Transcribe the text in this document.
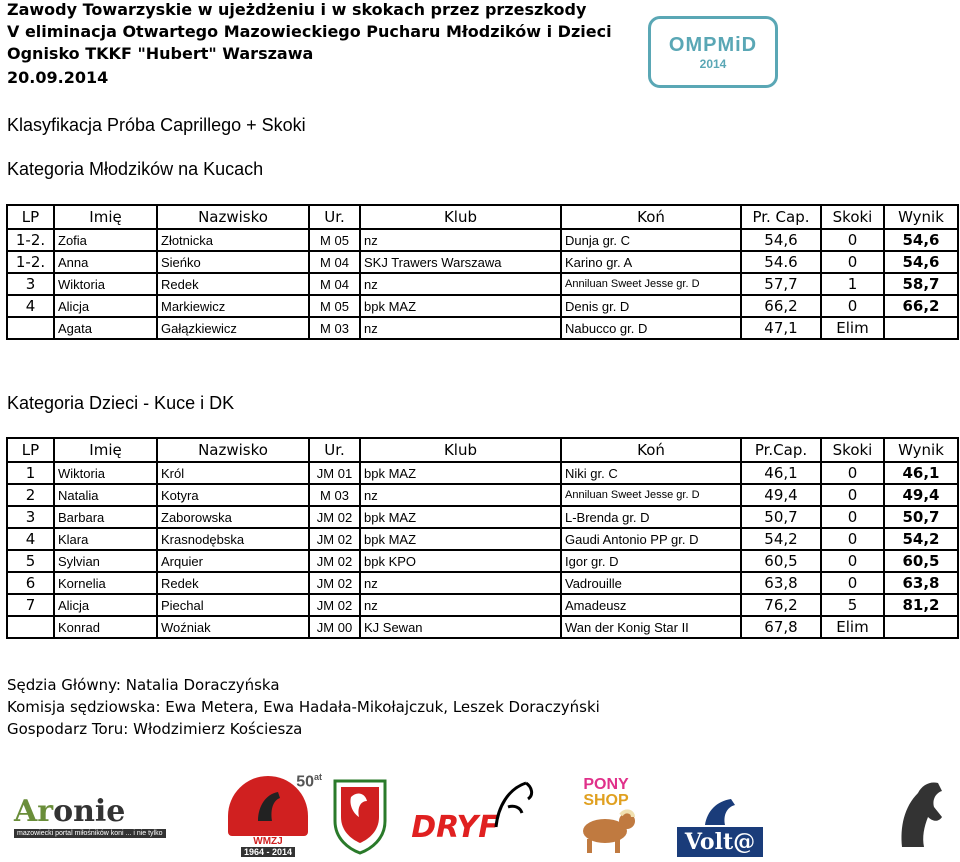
Zawody Towarzyskie w ujeżdżeniu i w skokach przez przeszkody
V eliminacja Otwartego Mazowieckiego Pucharu Młodzików i Dzieci
Ognisko TKKF "Hubert" Warszawa
20.09.2014
OMPMiD
2014
Klasyfikacja Próba Caprillego + Skoki
Kategoria Młodzików na Kucach
LP	Imię	Nazwisko	Ur.	Klub	Koń	Pr. Cap.	Skoki	Wynik
1-2.	Zofia	Złotnicka	M 05	nz	Dunja gr. C	54,6	0	54,6
1-2.	Anna	Sieńko	M 04	SKJ Trawers Warszawa	Karino gr. A	54.6	0	54,6
3	Wiktoria	Redek	M 04	nz	Anniluan Sweet Jesse gr. D	57,7	1	58,7
4	Alicja	Markiewicz	M 05	bpk MAZ	Denis gr. D	66,2	0	66,2
	Agata	Gałązkiewicz	M 03	nz	Nabucco gr. D	47,1	Elim	
Kategoria Dzieci - Kuce i DK
LP	Imię	Nazwisko	Ur.	Klub	Koń	Pr.Cap.	Skoki	Wynik
1	Wiktoria	Król	JM 01	bpk MAZ	Niki gr. C	46,1	0	46,1
2	Natalia	Kotyra	M 03	nz	Anniluan Sweet Jesse gr. D	49,4	0	49,4
3	Barbara	Zaborowska	JM 02	bpk MAZ	L-Brenda gr. D	50,7	0	50,7
4	Klara	Krasnodębska	JM 02	bpk MAZ	Gaudi Antonio PP gr. D	54,2	0	54,2
5	Sylvian	Arquier	JM 02	bpk KPO	Igor gr. D	60,5	0	60,5
6	Kornelia	Redek	JM 02	nz	Vadrouille	63,8	0	63,8
7	Alicja	Piechal	JM 02	nz	Amadeusz	76,2	5	81,2
	Konrad	Woźniak	JM 00	KJ Sewan	Wan der Konig Star II	67,8	Elim	
Sędzia Główny: Natalia Doraczyńska
Komisja sędziowska: Ewa Metera, Ewa Hadała-Mikołajczuk, Leszek Doraczyński
Gospodarz Toru: Włodzimierz Kościesza
Aronie
mazowiecki portal miłośników koni ... i nie tylko
$50^{at}$
WMZJ
1964 - 2014
DRYF
PONY
SHOP
Volt@
